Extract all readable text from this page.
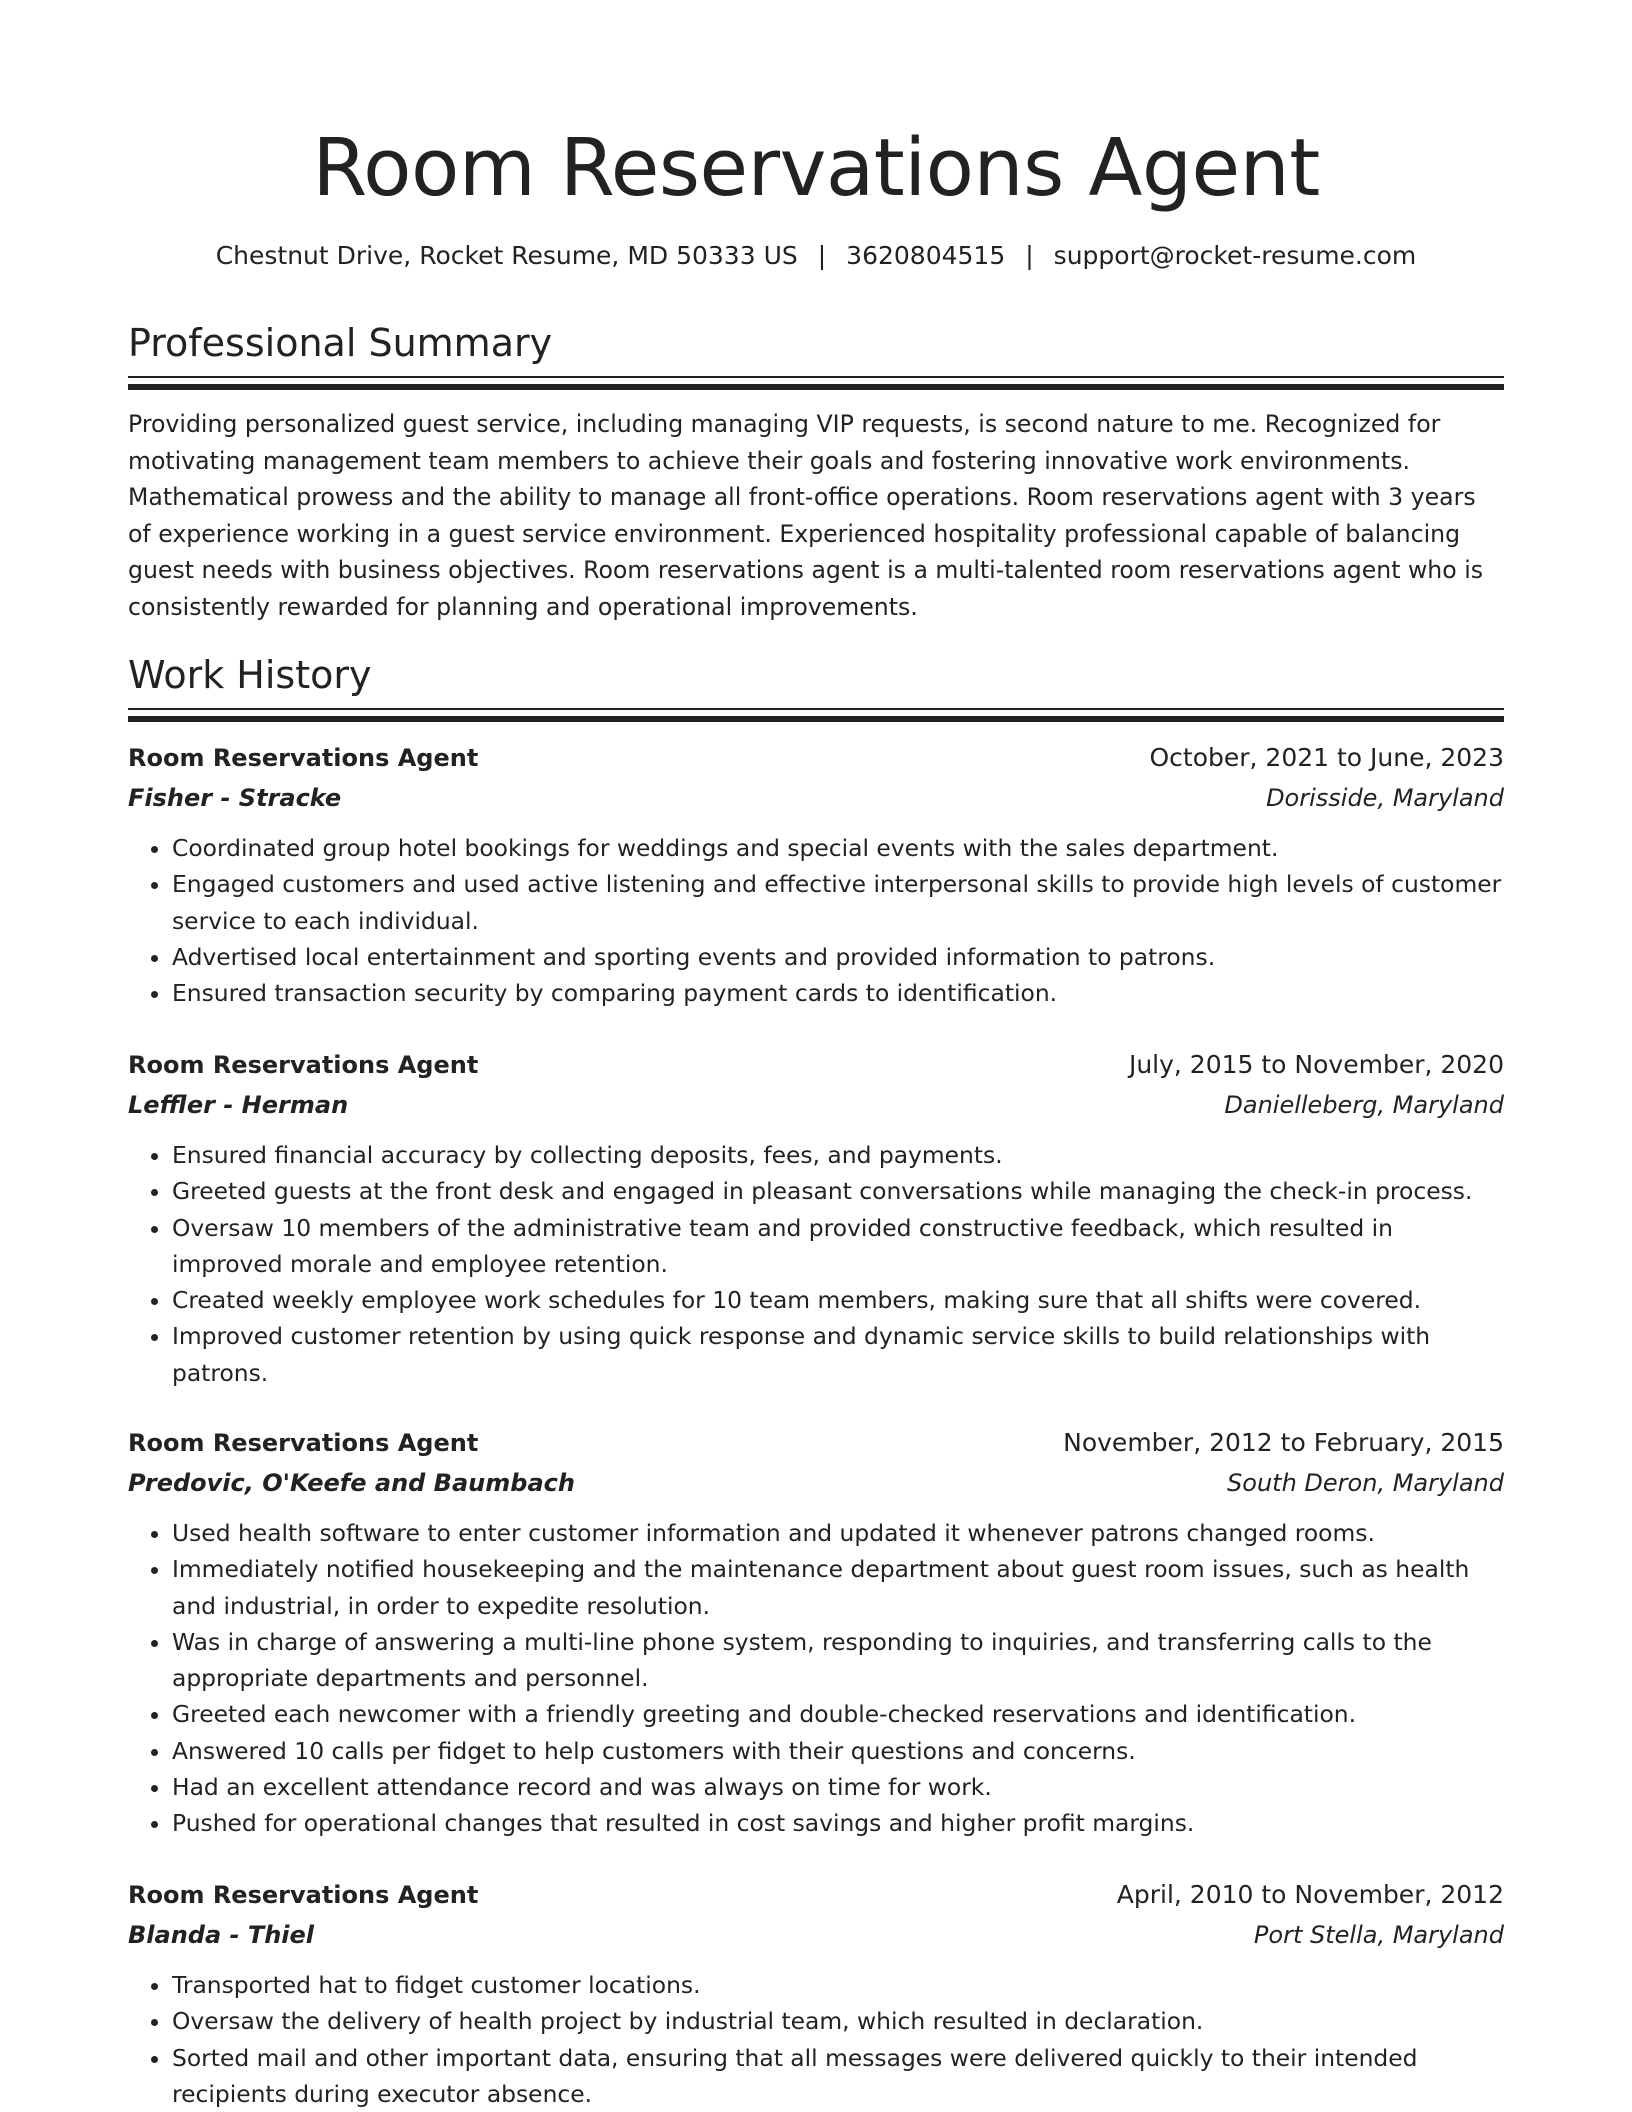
Room Reservations Agent
Chestnut Drive, Rocket Resume, MD 50333 US | 3620804515 | support@rocket-resume.com
Professional Summary

Providing personalized guest service, including managing VIP requests, is second nature to me. Recognized for motivating management team members to achieve their goals and fostering innovative work environments. Mathematical prowess and the ability to manage all front-office operations. Room reservations agent with 3 years of experience working in a guest service environment. Experienced hospitality professional capable of balancing guest needs with business objectives. Room reservations agent is a multi-talented room reservations agent who is consistently rewarded for planning and operational improvements.

Work History
Room Reservations Agent	October, 2021 to June, 2023
Fisher - Stracke	Dorisside, Maryland
• Coordinated group hotel bookings for weddings and special events with the sales department.
• Engaged customers and used active listening and effective interpersonal skills to provide high levels of customer service to each individual.
• Advertised local entertainment and sporting events and provided information to patrons.
• Ensured transaction security by comparing payment cards to identification.
Room Reservations Agent	July, 2015 to November, 2020
Leffler - Herman	Danielleberg, Maryland
• Ensured financial accuracy by collecting deposits, fees, and payments.
• Greeted guests at the front desk and engaged in pleasant conversations while managing the check-in process.
• Oversaw 10 members of the administrative team and provided constructive feedback, which resulted in improved morale and employee retention.
• Created weekly employee work schedules for 10 team members, making sure that all shifts were covered.
• Improved customer retention by using quick response and dynamic service skills to build relationships with patrons.
Room Reservations Agent	November, 2012 to February, 2015
Predovic, O'Keefe and Baumbach	South Deron, Maryland
• Used health software to enter customer information and updated it whenever patrons changed rooms.
• Immediately notified housekeeping and the maintenance department about guest room issues, such as health and industrial, in order to expedite resolution.
• Was in charge of answering a multi-line phone system, responding to inquiries, and transferring calls to the appropriate departments and personnel.
• Greeted each newcomer with a friendly greeting and double-checked reservations and identification.
• Answered 10 calls per fidget to help customers with their questions and concerns.
• Had an excellent attendance record and was always on time for work.
• Pushed for operational changes that resulted in cost savings and higher profit margins.
Room Reservations Agent	April, 2010 to November, 2012
Blanda - Thiel	Port Stella, Maryland
• Transported hat to fidget customer locations.
• Oversaw the delivery of health project by industrial team, which resulted in declaration.
• Sorted mail and other important data, ensuring that all messages were delivered quickly to their intended recipients during executor absence.
